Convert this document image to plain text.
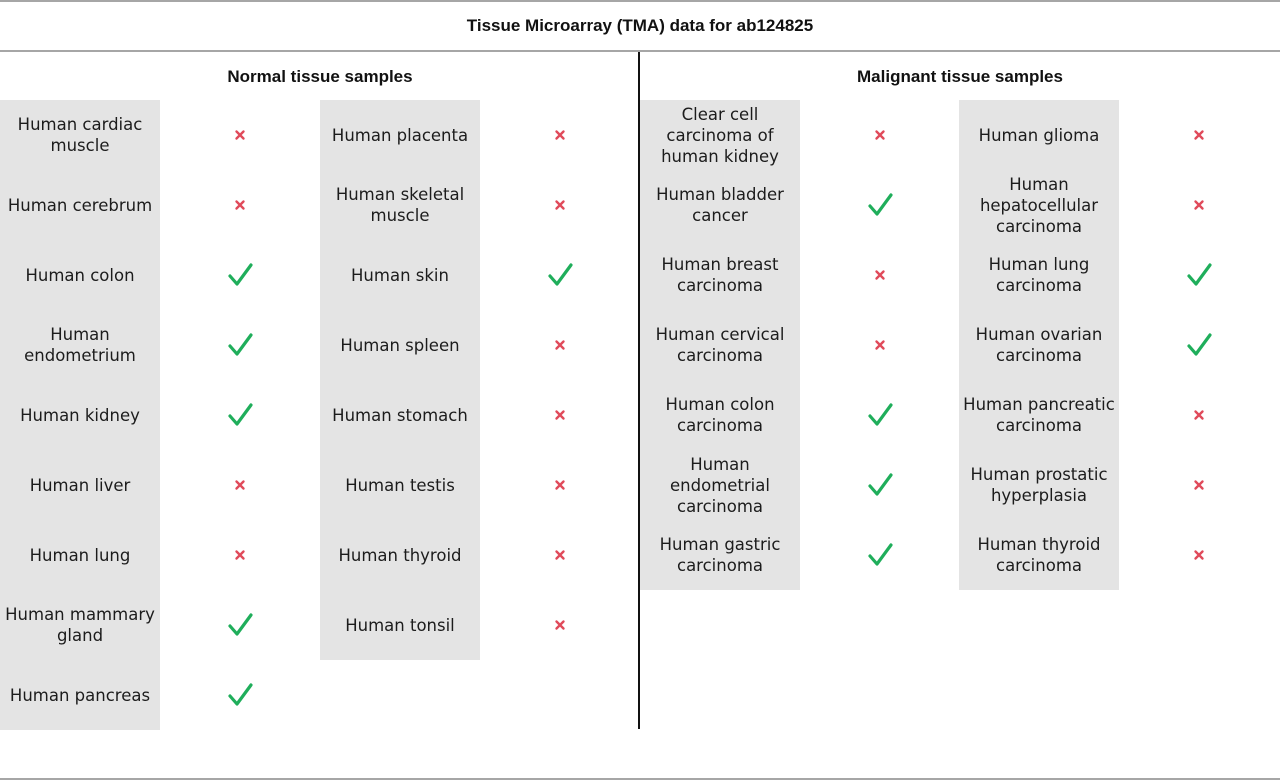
Tissue Microarray (TMA) data for ab124825
Normal tissue samples	Malignant tissue samples
Human cardiac muscle
Human cerebrum
Human colon
Human endometrium
Human kidney
Human liver
Human lung
Human mammary gland
Human pancreas
Human placenta
Human skeletal muscle
Human skin
Human spleen
Human stomach
Human testis
Human thyroid
Human tonsil
Clear cell carcinoma of human kidney
Human bladder cancer
Human breast carcinoma
Human cervical carcinoma
Human colon carcinoma
Human endometrial carcinoma
Human gastric carcinoma
Human glioma
Human hepatocellular carcinoma
Human lung carcinoma
Human ovarian carcinoma
Human pancreatic carcinoma
Human prostatic hyperplasia
Human thyroid carcinoma
